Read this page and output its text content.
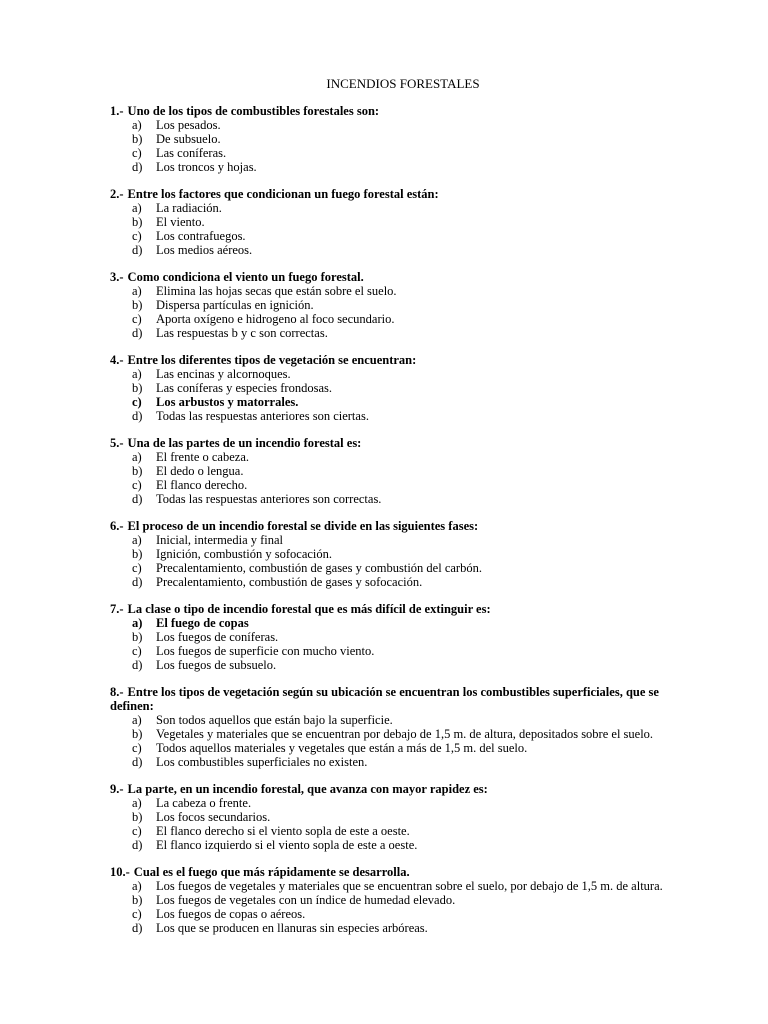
INCENDIOS FORESTALES
1.- Uno de los tipos de combustibles forestales son:
a)	Los pesados.
b)	De subsuelo.
c)	Las coníferas.
d)	Los troncos y hojas.
2.- Entre los factores que condicionan un fuego forestal están:
a)	La radiación.
b)	El viento.
c)	Los contrafuegos.
d)	Los medios aéreos.
3.- Como condiciona el viento un fuego forestal.
a)	Elimina las hojas secas que están sobre el suelo.
b)	Dispersa partículas en ignición.
c)	Aporta oxígeno e hidrogeno al foco secundario.
d)	Las respuestas b y c son correctas.
4.- Entre los diferentes tipos de vegetación se encuentran:
a)	Las encinas y alcornoques.
b)	Las coníferas y especies frondosas.
c)	Los arbustos y matorrales.
d)	Todas las respuestas anteriores son ciertas.
5.- Una de las partes de un incendio forestal es:
a)	El frente o cabeza.
b)	El dedo o lengua.
c)	El flanco derecho.
d)	Todas las respuestas anteriores son correctas.
6.- El proceso de un incendio forestal se divide en las siguientes fases:
a)	Inicial, intermedia y final
b)	Ignición, combustión y sofocación.
c)	Precalentamiento, combustión de gases y combustión del carbón.
d)	Precalentamiento, combustión de gases y sofocación.
7.- La clase o tipo de incendio forestal que es más difícil de extinguir es:
a)	El fuego de copas
b)	Los fuegos de coníferas.
c)	Los fuegos de superficie con mucho viento.
d)	Los fuegos de subsuelo.
8.- Entre los tipos de vegetación según su ubicación se encuentran los combustibles superficiales, que se definen:
a)	Son todos aquellos que están bajo la superficie.
b)	Vegetales y materiales que se encuentran por debajo de 1,5 m. de altura, depositados sobre el suelo.
c)	Todos aquellos materiales y vegetales que están a más de 1,5 m. del suelo.
d)	Los combustibles superficiales no existen.
9.- La parte, en un incendio forestal, que avanza con mayor rapidez es:
a)	La cabeza o frente.
b)	Los focos secundarios.
c)	El flanco derecho si el viento sopla de este a oeste.
d)	El flanco izquierdo si el viento sopla de este a oeste.
10.- Cual es el fuego que más rápidamente se desarrolla.
a)	Los fuegos de vegetales y materiales que se encuentran sobre el suelo, por debajo de 1,5 m. de altura.
b)	Los fuegos de vegetales con un índice de humedad elevado.
c)	Los fuegos de copas o aéreos.
d)	Los que se producen en llanuras sin especies arbóreas.
